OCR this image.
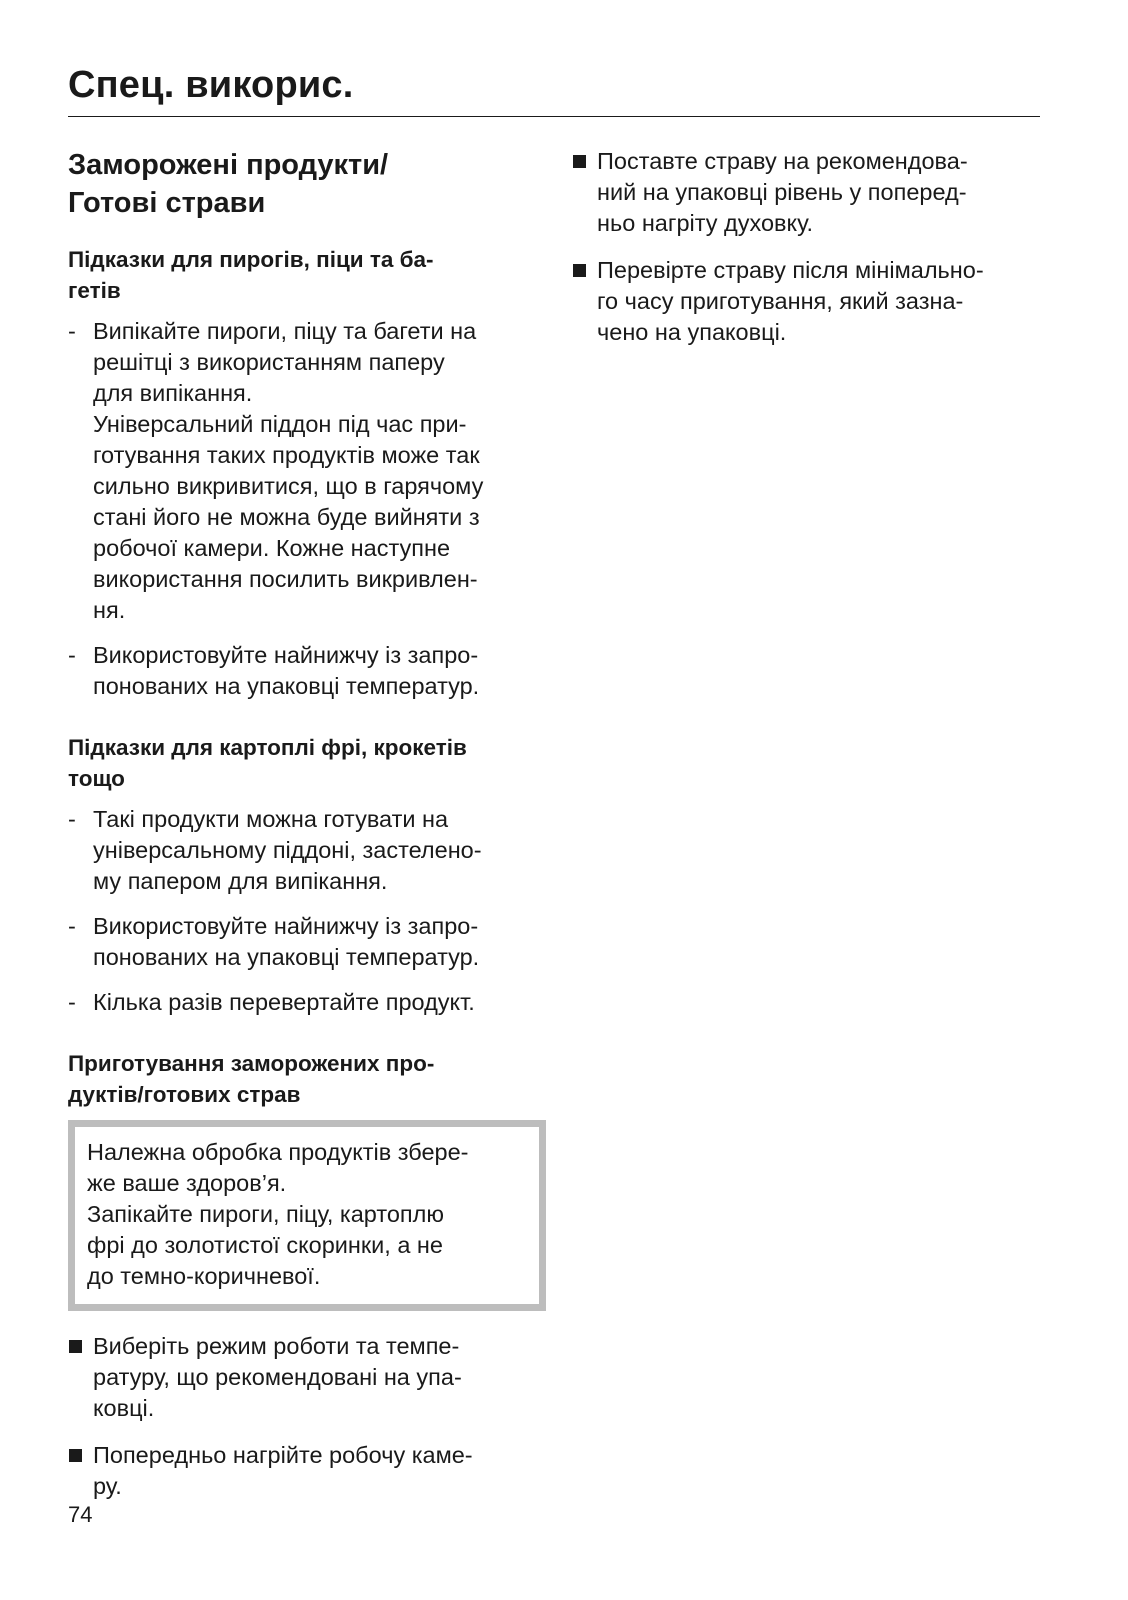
Спец. викорис.
Заморожені продукти/
Готові страви
Підказки для пирогів, піци та ба-
гетів
- Випікайте пироги, піцу та багети на
решітці з використанням паперу
для випікання.
Універсальний піддон під час при-
готування таких продуктів може так
сильно викривитися, що в гарячому
стані його не можна буде вийняти з
робочої камери. Кожне наступне
використання посилить викривлен-
ня.
- Використовуйте найнижчу із запро-
понованих на упаковці температур.
Підказки для картоплі фрі, крокетів
тощо
- Такі продукти можна готувати на
універсальному піддоні, застелено-
му папером для випікання.
- Використовуйте найнижчу із запро-
понованих на упаковці температур.
- Кілька разів перевертайте продукт.
Приготування заморожених про-
дуктів/готових страв
Належна обробка продуктів збере-
же ваше здоров’я.
Запікайте пироги, піцу, картоплю
фрі до золотистої скоринки, а не
до темно-коричневої.
Виберіть режим роботи та темпе-
ратуру, що рекомендовані на упа-
ковці.
Попередньо нагрійте робочу каме-
ру.
Поставте страву на рекомендова-
ний на упаковці рівень у поперед-
ньо нагріту духовку.
Перевірте страву після мінімально-
го часу приготування, який зазна-
чено на упаковці.
74
